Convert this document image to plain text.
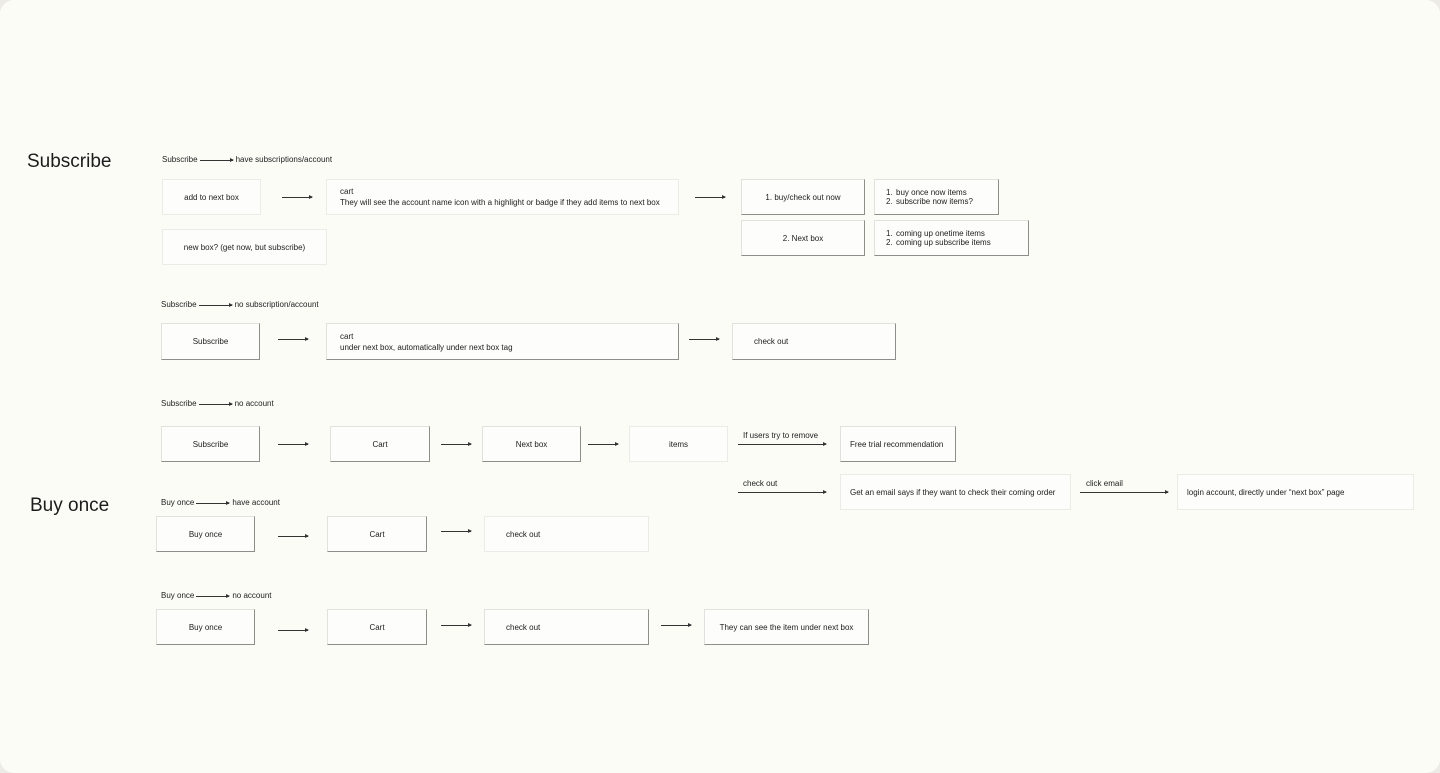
Subscribe
Buy once
Subscribe	have subscriptions/account
add to next box
cart
They will see the account name icon with a highlight or badge if they add items to next box
new box? (get now, but subscribe)
1. buy/check out now
2. Next box
buy once now items
subscribe now items?
coming up onetime items
coming up subscribe items
Subscribe	no subscription/account
Subscribe
cart
under next box, automatically under next box tag
check out
Subscribe	no account
Subscribe	Cart	Next box	items
If users try to remove
Free trial recommendation
check out
Get an email says if they want to check their coming order
click email
login account, directly under “next box” page
Buy once	have account
Buy once	Cart	check out
Buy once	no account
Buy once	Cart	check out	They can see the item under next box
